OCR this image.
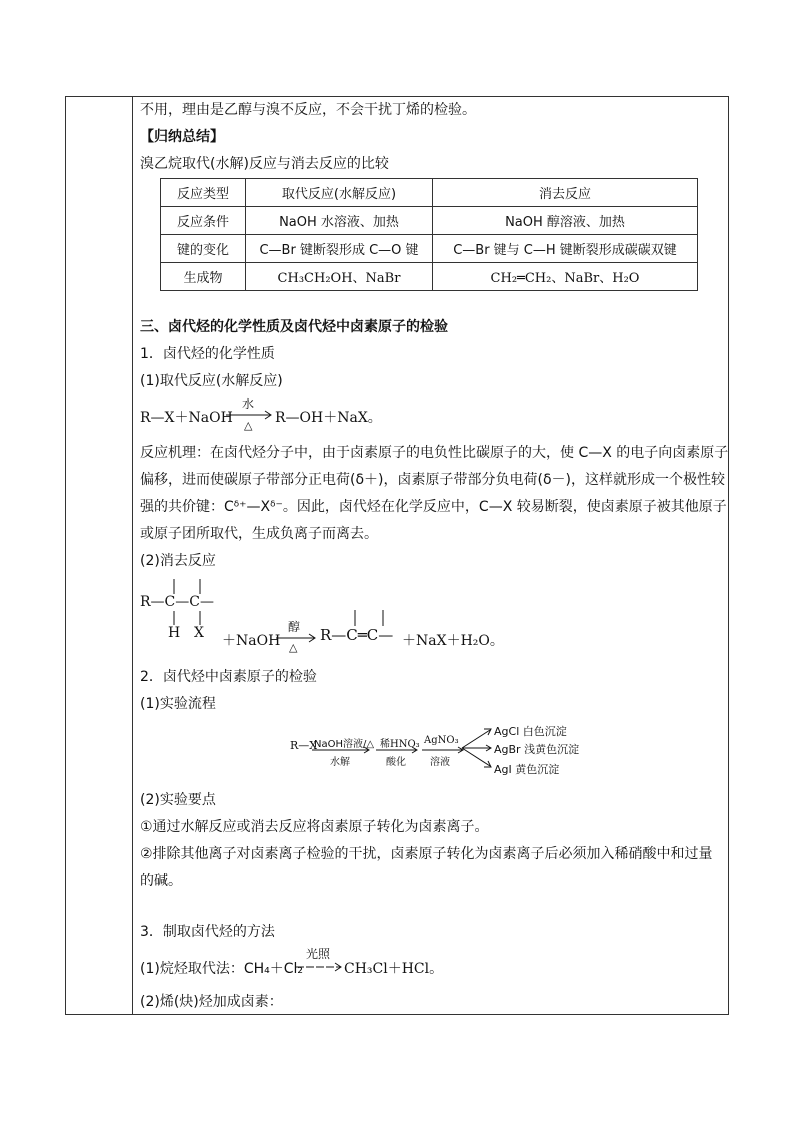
不用，理由是乙醇与溴不反应，不会干扰丁烯的检验。
【归纳总结】
溴乙烷取代(水解)反应与消去反应的比较
反应类型	取代反应(水解反应)	消去反应
反应条件	NaOH 水溶液、加热	NaOH 醇溶液、加热
键的变化	C—Br 键断裂形成 C—O 键	C—Br 键与 C—H 键断裂形成碳碳双键
生成物	CH₃CH₂OH、NaBr	CH₂═CH₂、NaBr、H₂O
三、卤代烃的化学性质及卤代烃中卤素原子的检验
1．卤代烃的化学性质
(1)取代反应(水解反应)
R—X＋NaOH
水
△ R—OH＋NaX。
反应机理：在卤代烃分子中，由于卤素原子的电负性比碳原子的大，使 C—X 的电子向卤素原子
偏移，进而使碳原子带部分正电荷(δ＋)，卤素原子带部分负电荷(δ－)，这样就形成一个极性较
强的共价键：Cᵟ⁺—Xᵟ⁻。因此，卤代烃在化学反应中，C—X 较易断裂，使卤素原子被其他原子
或原子团所取代，生成负离子而离去。
(2)消去反应
R—C—C—
H X ＋NaOH
醇
△
R—C═C— ＋NaX＋H₂O。
2．卤代烃中卤素原子的检验
(1)实验流程
R—X
NaOH溶液/△
水解
稀HNO₃
酸化
AgNO₃
溶液
AgCl 白色沉淀
AgBr 浅黄色沉淀
AgI 黄色沉淀
(2)实验要点
①通过水解反应或消去反应将卤素原子转化为卤素离子。
②排除其他离子对卤素离子检验的干扰，卤素原子转化为卤素离子后必须加入稀硝酸中和过量
的碱。
3．制取卤代烃的方法
(1)烷烃取代法：CH₄＋Cl₂
光照
→ CH₃Cl＋HCl。
(2)烯(炔)烃加成卤素：
